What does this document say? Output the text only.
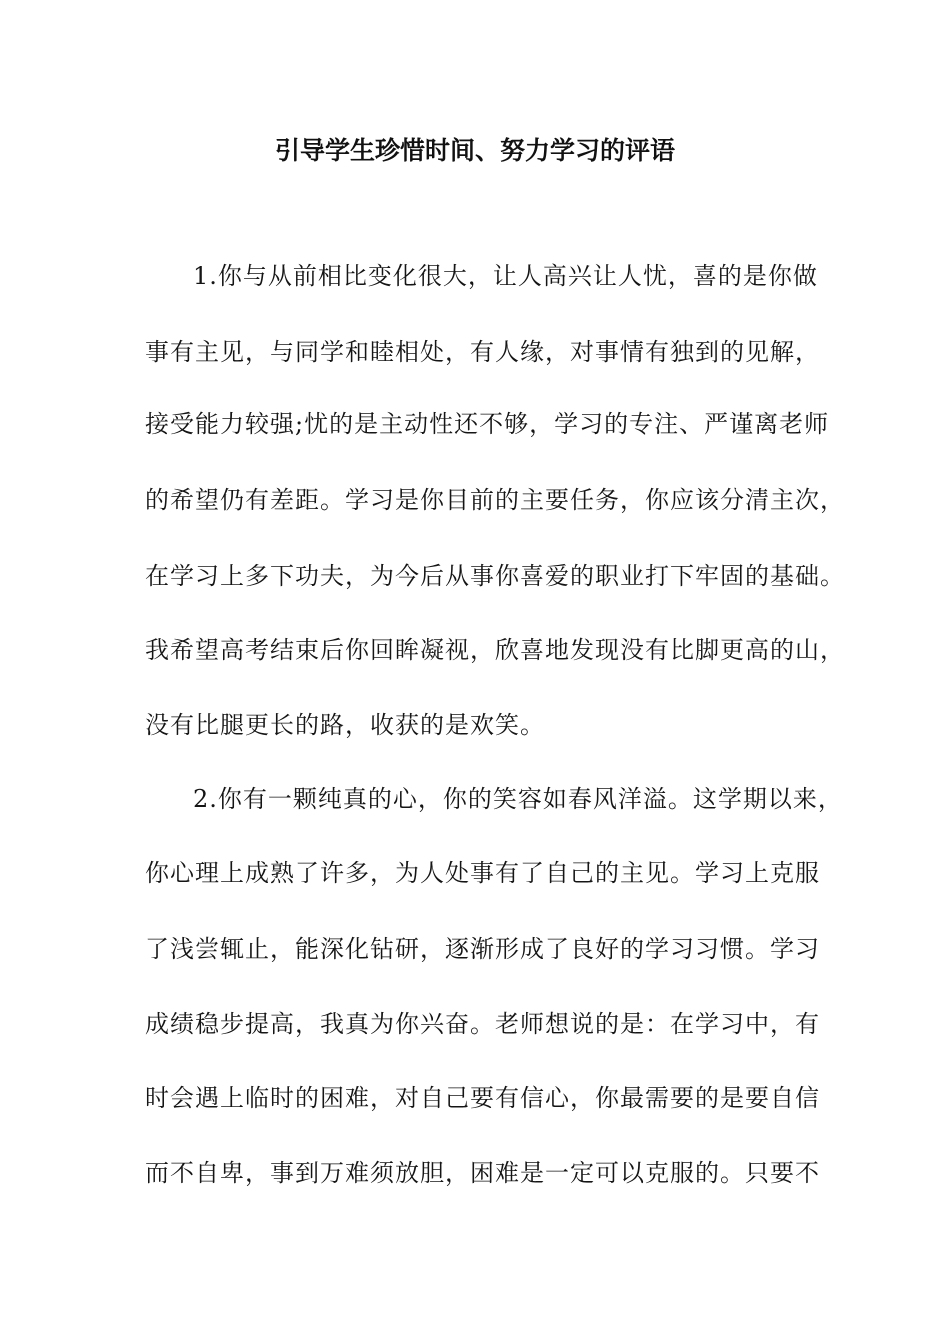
引导学生珍惜时间、努力学习的评语
1.你与从前相比变化很大，让人高兴让人忧，喜的是你做
事有主见，与同学和睦相处，有人缘，对事情有独到的见解，
接受能力较强;忧的是主动性还不够，学习的专注、严谨离老师
的希望仍有差距。学习是你目前的主要任务，你应该分清主次，
在学习上多下功夫，为今后从事你喜爱的职业打下牢固的基础。
我希望高考结束后你回眸凝视，欣喜地发现没有比脚更高的山，
没有比腿更长的路，收获的是欢笑。
2.你有一颗纯真的心，你的笑容如春风洋溢。这学期以来，
你心理上成熟了许多，为人处事有了自己的主见。学习上克服
了浅尝辄止，能深化钻研，逐渐形成了良好的学习习惯。学习
成绩稳步提高，我真为你兴奋。老师想说的是：在学习中，有
时会遇上临时的困难，对自己要有信心，你最需要的是要自信
而不自卑，事到万难须放胆，困难是一定可以克服的。只要不
